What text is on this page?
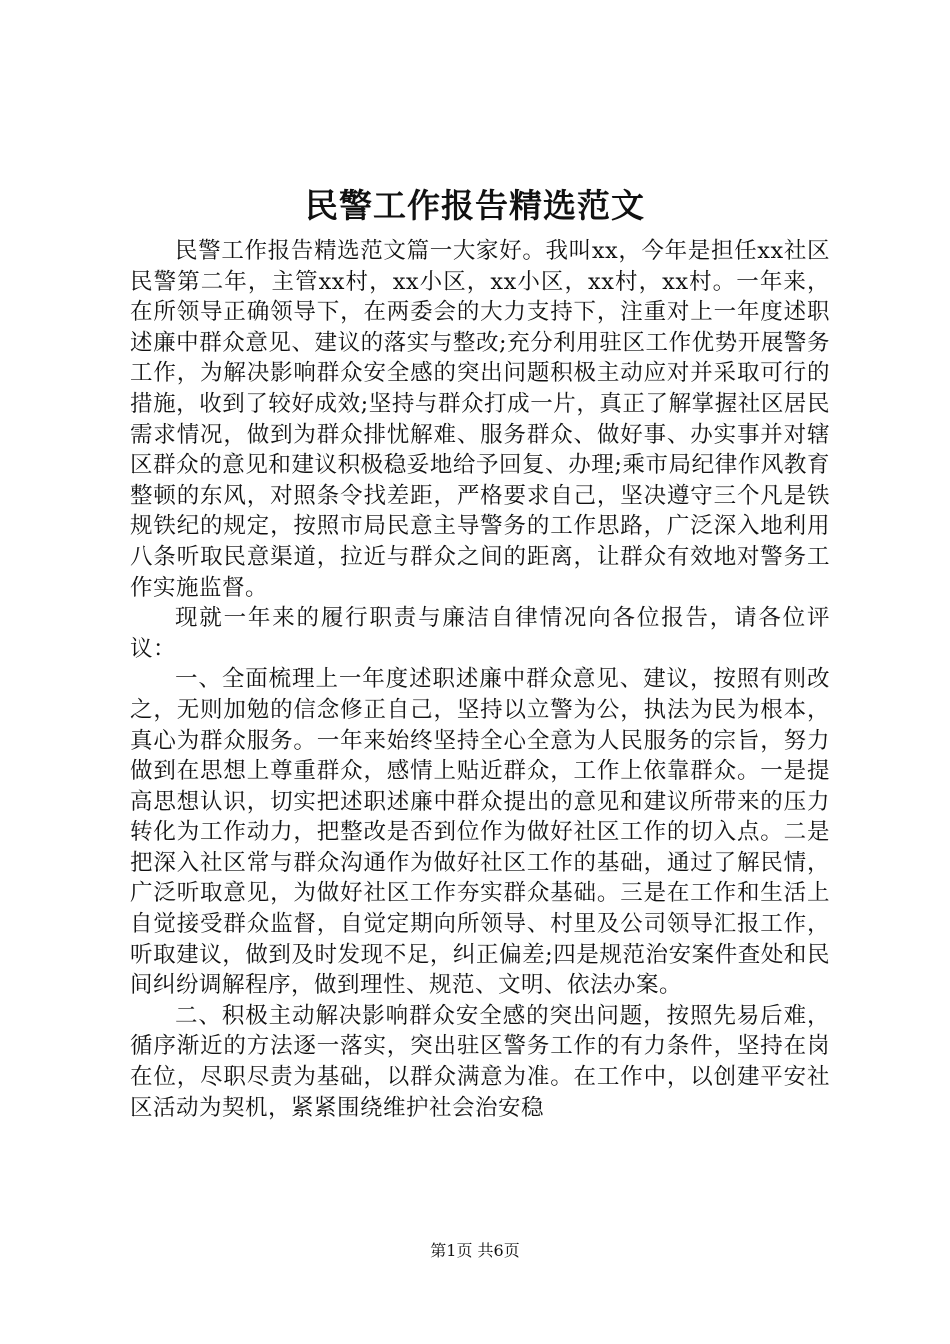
民警工作报告精选范文

民警工作报告精选范文篇一大家好。我叫xx，今年是担任xx社区民警第二年，主管xx村，xx小区，xx小区，xx村，xx村。一年来，在所领导正确领导下，在两委会的大力支持下，注重对上一年度述职述廉中群众意见、建议的落实与整改;充分利用驻区工作优势开展警务工作，为解决影响群众安全感的突出问题积极主动应对并采取可行的措施，收到了较好成效;坚持与群众打成一片，真正了解掌握社区居民需求情况，做到为群众排忧解难、服务群众、做好事、办实事并对辖区群众的意见和建议积极稳妥地给予回复、办理;乘市局纪律作风教育整顿的东风，对照条令找差距，严格要求自己，坚决遵守三个凡是铁规铁纪的规定，按照市局民意主导警务的工作思路，广泛深入地利用八条听取民意渠道，拉近与群众之间的距离，让群众有效地对警务工作实施监督。

现就一年来的履行职责与廉洁自律情况向各位报告，请各位评议：

一、全面梳理上一年度述职述廉中群众意见、建议，按照有则改之，无则加勉的信念修正自己，坚持以立警为公，执法为民为根本，真心为群众服务。一年来始终坚持全心全意为人民服务的宗旨，努力做到在思想上尊重群众，感情上贴近群众，工作上依靠群众。一是提高思想认识，切实把述职述廉中群众提出的意见和建议所带来的压力转化为工作动力，把整改是否到位作为做好社区工作的切入点。二是把深入社区常与群众沟通作为做好社区工作的基础，通过了解民情，广泛听取意见，为做好社区工作夯实群众基础。三是在工作和生活上自觉接受群众监督，自觉定期向所领导、村里及公司领导汇报工作，听取建议，做到及时发现不足，纠正偏差;四是规范治安案件查处和民间纠纷调解程序，做到理性、规范、文明、依法办案。

二、积极主动解决影响群众安全感的突出问题，按照先易后难，循序渐近的方法逐一落实，突出驻区警务工作的有力条件，坚持在岗在位，尽职尽责为基础，以群众满意为准。在工作中，以创建平安社区活动为契机，紧紧围绕维护社会治安稳

第1页 共6页
